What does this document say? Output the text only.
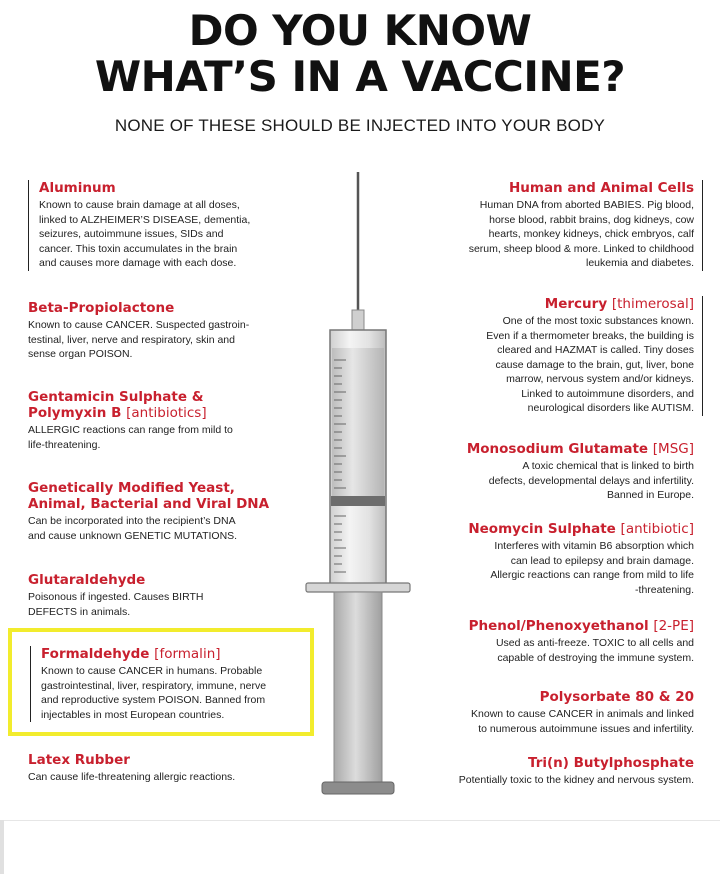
DO YOU KNOW
WHAT’S IN A VACCINE?
NONE OF THESE SHOULD BE INJECTED INTO YOUR BODY
Aluminum

Known to cause brain damage at all doses,
linked to ALZHEIMER’S DISEASE, dementia,
seizures, autoimmune issues, SIDs and
cancer. This toxin accumulates in the brain
and causes more damage with each dose.

Beta-Propiolactone

Known to cause CANCER. Suspected gastroin-
testinal, liver, nerve and respiratory, skin and
sense organ POISON.

Gentamicin Sulphate &
Polymyxin B [antibiotics]

ALLERGIC reactions can range from mild to
life-threatening.

Genetically Modified Yeast,
Animal, Bacterial and Viral DNA

Can be incorporated into the recipient’s DNA
and cause unknown GENETIC MUTATIONS.

Glutaraldehyde

Poisonous if ingested. Causes BIRTH
DEFECTS in animals.

Formaldehyde [formalin]

Known to cause CANCER in humans. Probable
gastrointestinal, liver, respiratory, immune, nerve
and reproductive system POISON. Banned from
injectables in most European countries.

Latex Rubber

Can cause life-threatening allergic reactions.

Human and Animal Cells

Human DNA from aborted BABIES. Pig blood,
horse blood, rabbit brains, dog kidneys, cow
hearts, monkey kidneys, chick embryos, calf
serum, sheep blood & more. Linked to childhood
leukemia and diabetes.

Mercury [thimerosal]

One of the most toxic substances known.
Even if a thermometer breaks, the building is
cleared and HAZMAT is called. Tiny doses
cause damage to the brain, gut, liver, bone
marrow, nervous system and/or kidneys.
Linked to autoimmune disorders, and
neurological disorders like AUTISM.

Monosodium Glutamate [MSG]

A toxic chemical that is linked to birth
defects, developmental delays and infertility.
Banned in Europe.

Neomycin Sulphate [antibiotic]

Interferes with vitamin B6 absorption which
can lead to epilepsy and brain damage.
Allergic reactions can range from mild to life
-threatening.

Phenol/Phenoxyethanol [2-PE]

Used as anti-freeze. TOXIC to all cells and
capable of destroying the immune system.

Polysorbate 80 & 20

Known to cause CANCER in animals and linked
to numerous autoimmune issues and infertility.

Tri(n) Butylphosphate

Potentially toxic to the kidney and nervous system.
